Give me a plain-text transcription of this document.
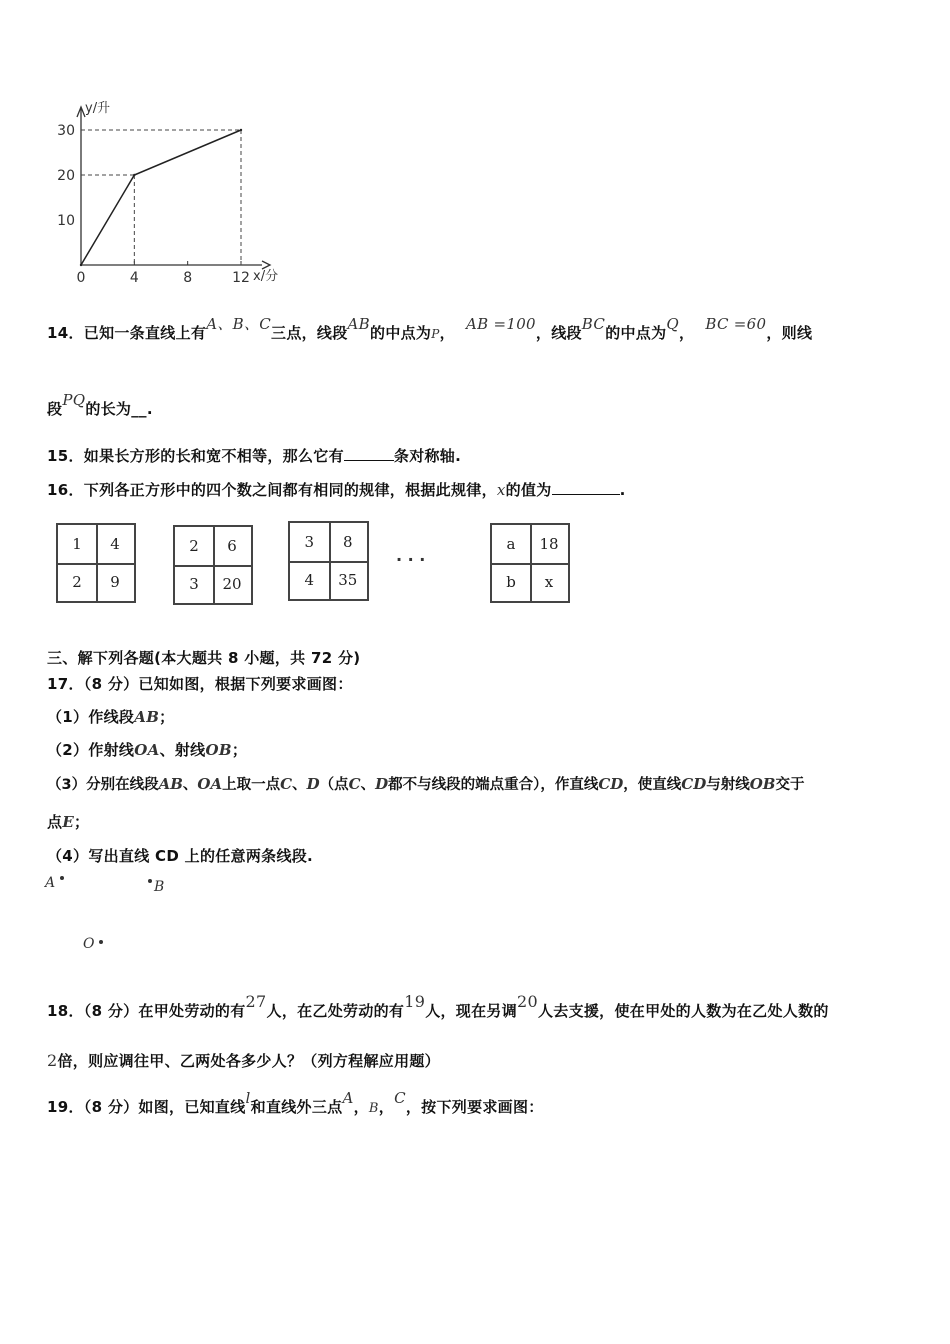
y/升
x/分
0	4	8	12
10
20
30
14．已知一条直线上有A、B、C三点，线段AB的中点为P， AB =100，线段BC的中点为Q， BC =60，则线
段PQ的长为__.
15．如果长方形的长和宽不相等，那么它有	条对称轴.
16．下列各正方形中的四个数之间都有相同的规律，根据此规律，x的值为	.
1	4
2	9
2	6
3	20
3	8
4	35
· · ·
a	18
b	x
三、解下列各题(本大题共 8 小题，共 72 分)
17．（8 分）已知如图，根据下列要求画图：
（1）作线段AB；
（2）作射线OA、射线OB；
（3）分别在线段AB、OA上取一点C、D（点C、D都不与线段的端点重合），作直线CD，使直线CD与射线OB交于
点E；
（4）写出直线 CD 上的任意两条线段.
A	B
O
18．（8 分）在甲处劳动的有27人，在乙处劳动的有19人，现在另调20人去支援，使在甲处的人数为在乙处人数的
2倍，则应调往甲、乙两处各多少人？（列方程解应用题）
19．（8 分）如图，已知直线l和直线外三点A，B，C，按下列要求画图：
